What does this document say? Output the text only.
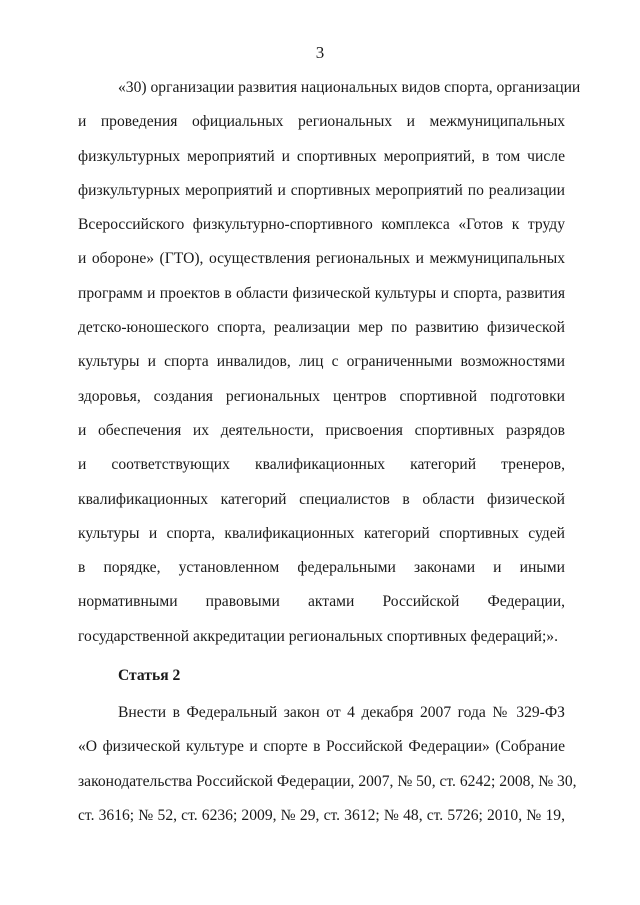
3
«30) организации развития национальных видов спорта, организации
и проведения официальных региональных и межмуниципальных
физкультурных мероприятий и спортивных мероприятий, в том числе
физкультурных мероприятий и спортивных мероприятий по реализации
Всероссийского физкультурно-спортивного комплекса «Готов к труду
и обороне» (ГТО), осуществления региональных и межмуниципальных
программ и проектов в области физической культуры и спорта, развития
детско-юношеского спорта, реализации мер по развитию физической
культуры и спорта инвалидов, лиц с ограниченными возможностями
здоровья, создания региональных центров спортивной подготовки
и обеспечения их деятельности, присвоения спортивных разрядов
и соответствующих квалификационных категорий тренеров,
квалификационных категорий специалистов в области физической
культуры и спорта, квалификационных категорий спортивных судей
в порядке, установленном федеральными законами и иными
нормативными правовыми актами Российской Федерации,
государственной аккредитации региональных спортивных федераций;».
Статья 2
Внести в Федеральный закон от 4 декабря 2007 года № 329-ФЗ
«О физической культуре и спорте в Российской Федерации» (Собрание
законодательства Российской Федерации, 2007, № 50, ст. 6242; 2008, № 30,
ст. 3616; № 52, ст. 6236; 2009, № 29, ст. 3612; № 48, ст. 5726; 2010, № 19,
